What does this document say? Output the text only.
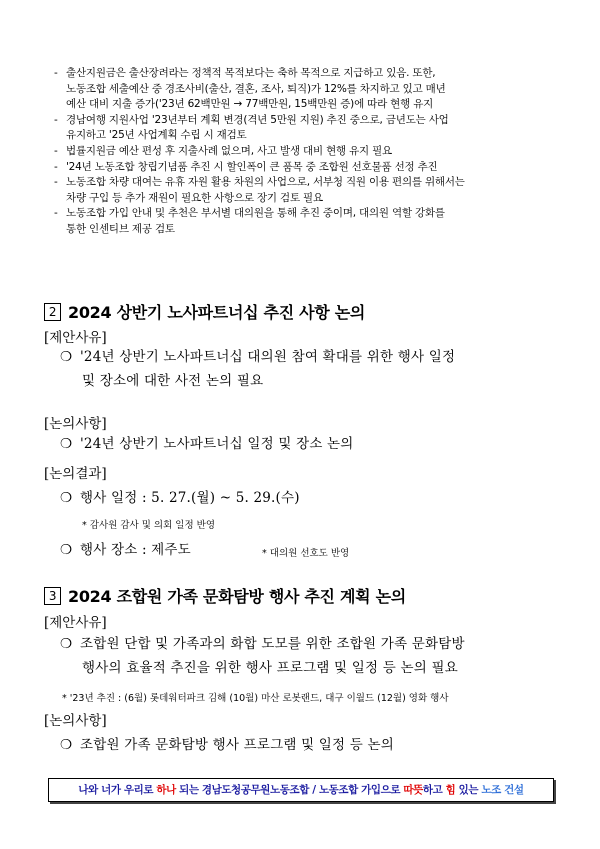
- 출산지원금은 출산장려라는 정책적 목적보다는 축하 목적으로 지급하고 있음. 또한,
노동조합 세출예산 중 경조사비(출산, 결혼, 조사, 퇴직)가 12%를 차지하고 있고 매년
예산 대비 지출 증가('23년 62백만원 → 77백만원, 15백만원 증)에 따라 현행 유지
- 경남여행 지원사업 '23년부터 계획 변경(격년 5만원 지원) 추진 중으로, 금년도는 사업
유지하고 '25년 사업계획 수립 시 재검토
- 법률지원금 예산 편성 후 지출사례 없으며, 사고 발생 대비 현행 유지 필요
- '24년 노동조합 창립기념품 추진 시 할인폭이 큰 품목 중 조합원 선호물품 선정 추진
- 노동조합 차량 대여는 유휴 자원 활용 차원의 사업으로, 서부청 직원 이용 편의를 위해서는
차량 구입 등 추가 재원이 필요한 사항으로 장기 검토 필요
- 노동조합 가입 안내 및 추천은 부서별 대의원을 통해 추진 중이며, 대의원 역할 강화를
통한 인센티브 제공 검토
2 2024 상반기 노사파트너십 추진 사항 논의
[제안사유]
❍ '24년 상반기 노사파트너십 대의원 참여 확대를 위한 행사 일정
및 장소에 대한 사전 논의 필요
[논의사항]
❍ '24년 상반기 노사파트너십 일정 및 장소 논의
[논의결과]
❍ 행사 일정 : 5. 27.(월) ~ 5. 29.(수)
* 감사원 감사 및 의회 일정 반영
❍ 행사 장소 : 제주도	* 대의원 선호도 반영
3 2024 조합원 가족 문화탐방 행사 추진 계획 논의
[제안사유]
❍ 조합원 단합 및 가족과의 화합 도모를 위한 조합원 가족 문화탐방
행사의 효율적 추진을 위한 행사 프로그램 및 일정 등 논의 필요
* '23년 추진 : (6월) 롯데워터파크 김해 (10월) 마산 로봇랜드, 대구 이월드 (12월) 영화 행사
[논의사항]
❍ 조합원 가족 문화탐방 행사 프로그램 및 일정 등 논의
나와 너가 우리로 하나 되는 경남도청공무원노동조합 / 노동조합 가입으로 따뜻하고 힘 있는 노조 건설
